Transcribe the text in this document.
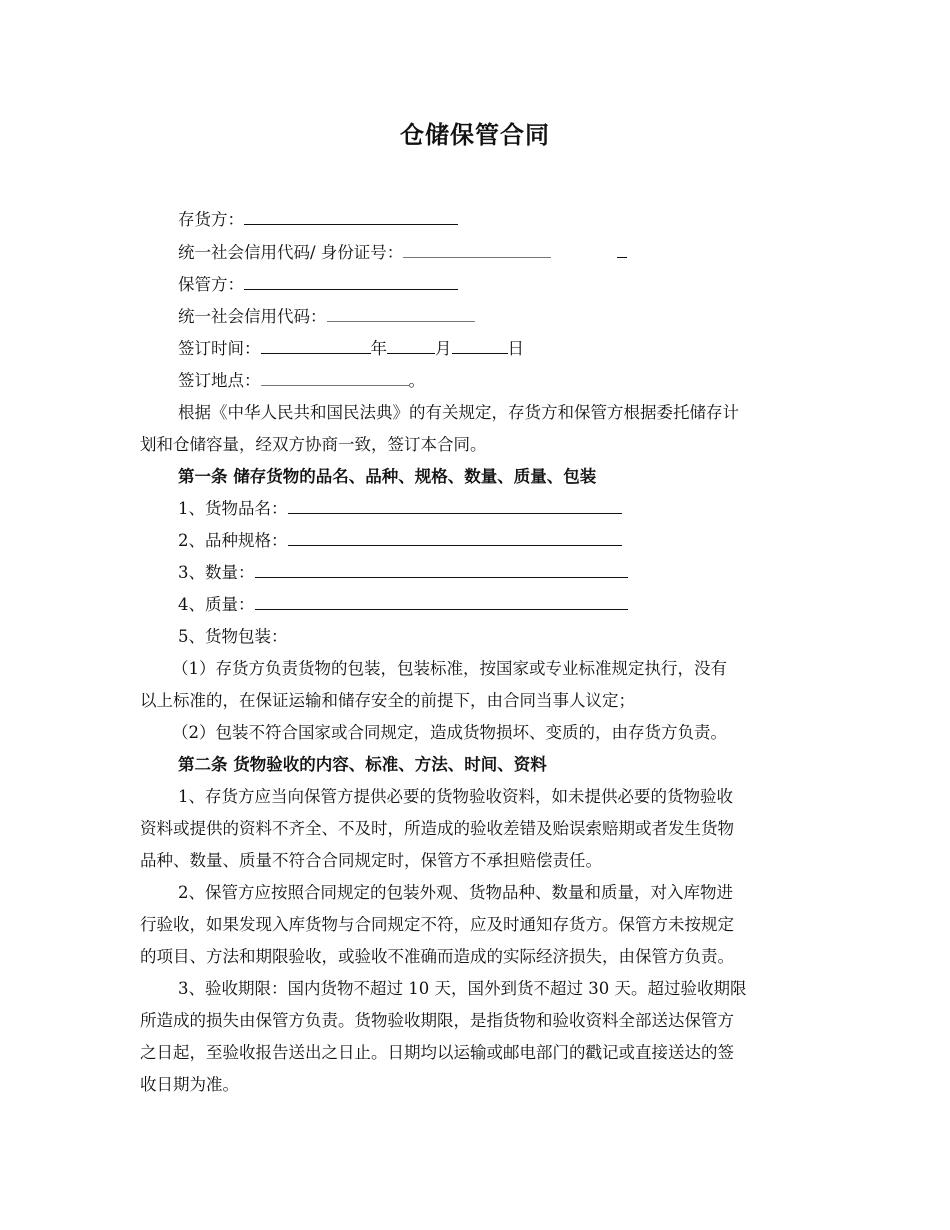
仓储保管合同
存货方：
统一社会信用代码/ 身份证号：
保管方：
统一社会信用代码：
签订时间：	年	月	日
签订地点：	。
根据《中华人民共和国民法典》的有关规定，存货方和保管方根据委托储存计
划和仓储容量，经双方协商一致，签订本合同。
第一条 储存货物的品名、品种、规格、数量、质量、包装
1、货物品名：
2、品种规格：
3、数量：
4、质量：
5、货物包装：
（1）存货方负责货物的包装，包装标准，按国家或专业标准规定执行，没有
以上标准的，在保证运输和储存安全的前提下，由合同当事人议定；
（2）包装不符合国家或合同规定，造成货物损坏、变质的，由存货方负责。
第二条 货物验收的内容、标准、方法、时间、资料
1、存货方应当向保管方提供必要的货物验收资料，如未提供必要的货物验收
资料或提供的资料不齐全、不及时，所造成的验收差错及贻误索赔期或者发生货物
品种、数量、质量不符合合同规定时，保管方不承担赔偿责任。
2、保管方应按照合同规定的包装外观、货物品种、数量和质量，对入库物进
行验收，如果发现入库货物与合同规定不符，应及时通知存货方。保管方未按规定
的项目、方法和期限验收，或验收不准确而造成的实际经济损失，由保管方负责。
3、验收期限：国内货物不超过 10 天，国外到货不超过 30 天。超过验收期限
所造成的损失由保管方负责。货物验收期限，是指货物和验收资料全部送达保管方
之日起，至验收报告送出之日止。日期均以运输或邮电部门的戳记或直接送达的签
收日期为准。
